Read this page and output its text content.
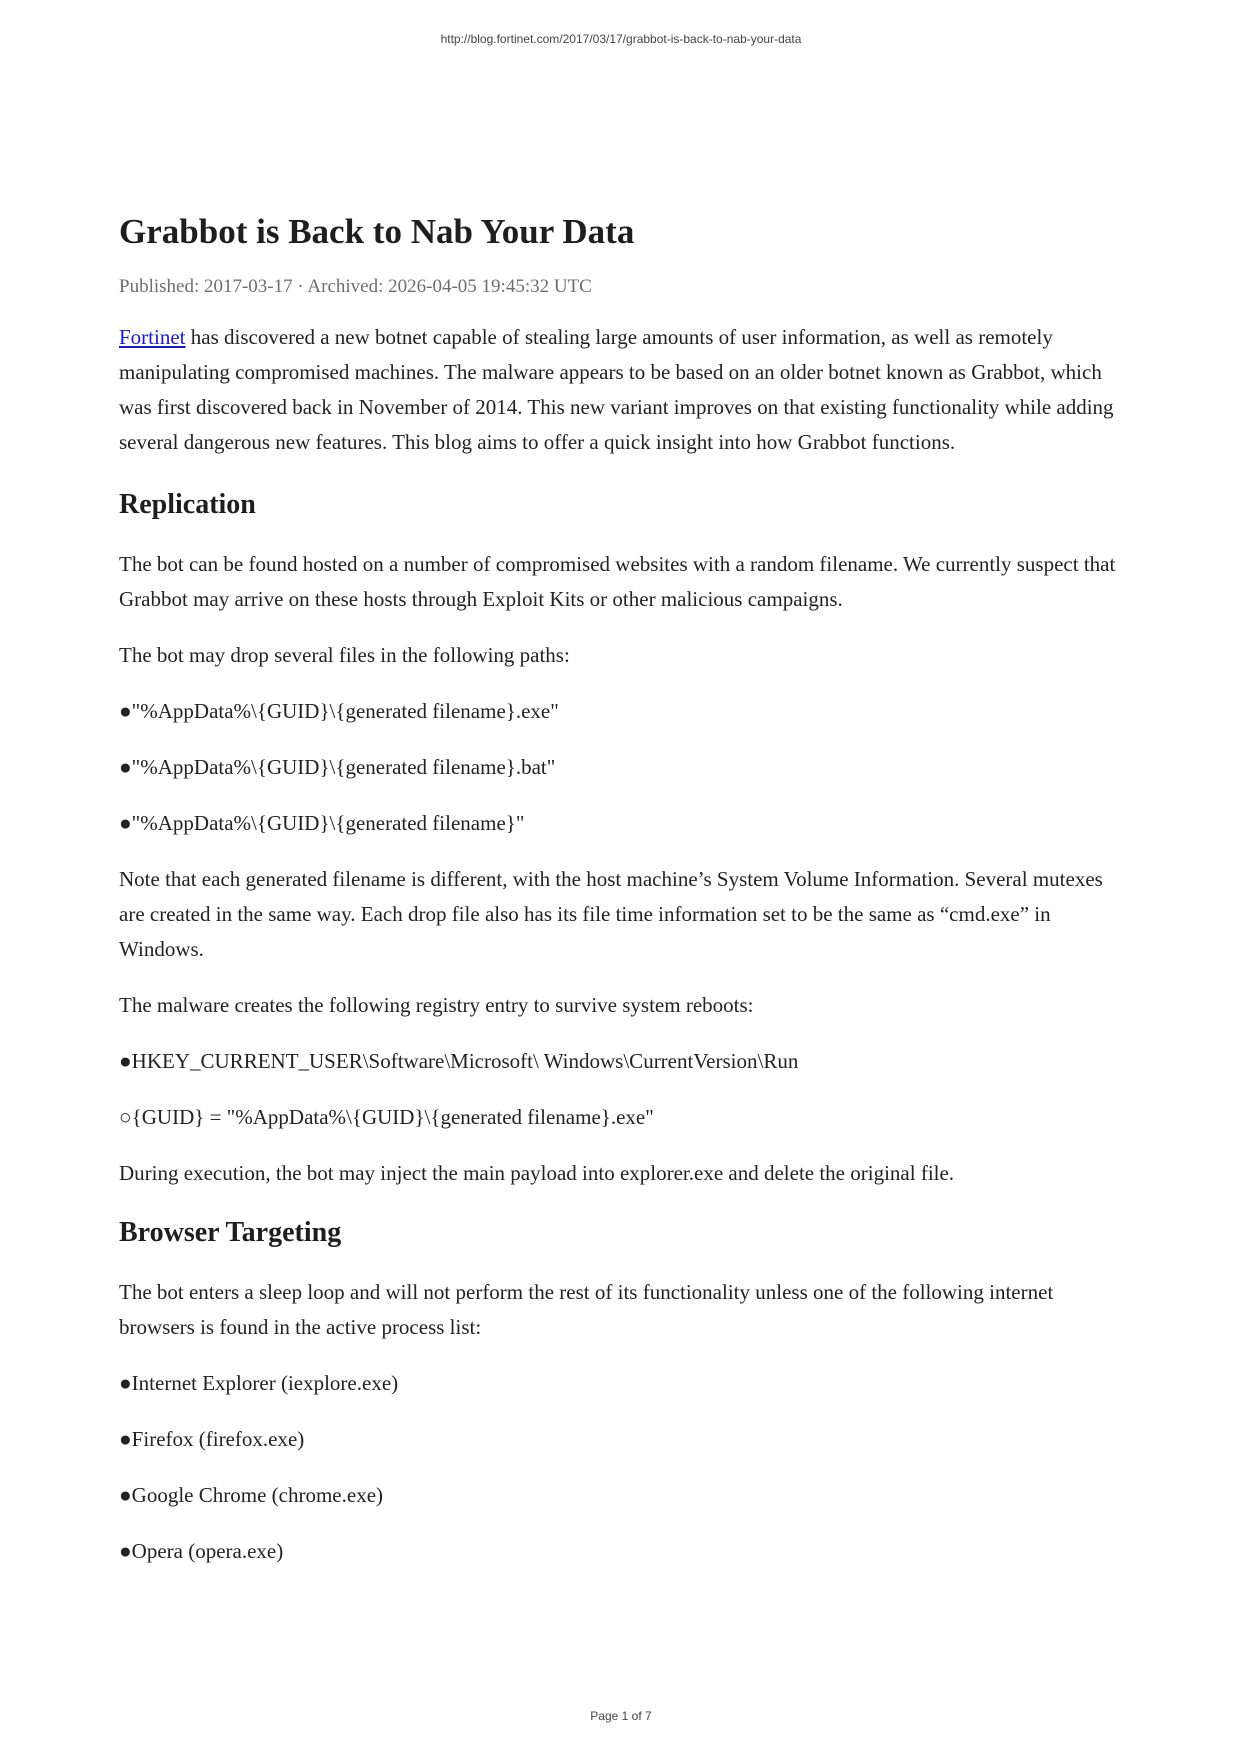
http://blog.fortinet.com/2017/03/17/grabbot-is-back-to-nab-your-data
Grabbot is Back to Nab Your Data
Published: 2017-03-17 · Archived: 2026-04-05 19:45:32 UTC

Fortinet has discovered a new botnet capable of stealing large amounts of user information, as well as remotely manipulating compromised machines. The malware appears to be based on an older botnet known as Grabbot, which was first discovered back in November of 2014. This new variant improves on that existing functionality while adding several dangerous new features. This blog aims to offer a quick insight into how Grabbot functions.

Replication

The bot can be found hosted on a number of compromised websites with a random filename. We currently suspect that Grabbot may arrive on these hosts through Exploit Kits or other malicious campaigns.

The bot may drop several files in the following paths:

●"%AppData%\{GUID}\{generated filename}.exe"

●"%AppData%\{GUID}\{generated filename}.bat"

●"%AppData%\{GUID}\{generated filename}"

Note that each generated filename is different, with the host machine’s System Volume Information. Several mutexes are created in the same way. Each drop file also has its file time information set to be the same as “cmd.exe” in Windows.

The malware creates the following registry entry to survive system reboots:

●HKEY_CURRENT_USER\Software\Microsoft\ Windows\CurrentVersion\Run

○{GUID} = "%AppData%\{GUID}\{generated filename}.exe"

During execution, the bot may inject the main payload into explorer.exe and delete the original file.

Browser Targeting

The bot enters a sleep loop and will not perform the rest of its functionality unless one of the following internet browsers is found in the active process list:

●Internet Explorer (iexplore.exe)

●Firefox (firefox.exe)

●Google Chrome (chrome.exe)

●Opera (opera.exe)

Page 1 of 7
